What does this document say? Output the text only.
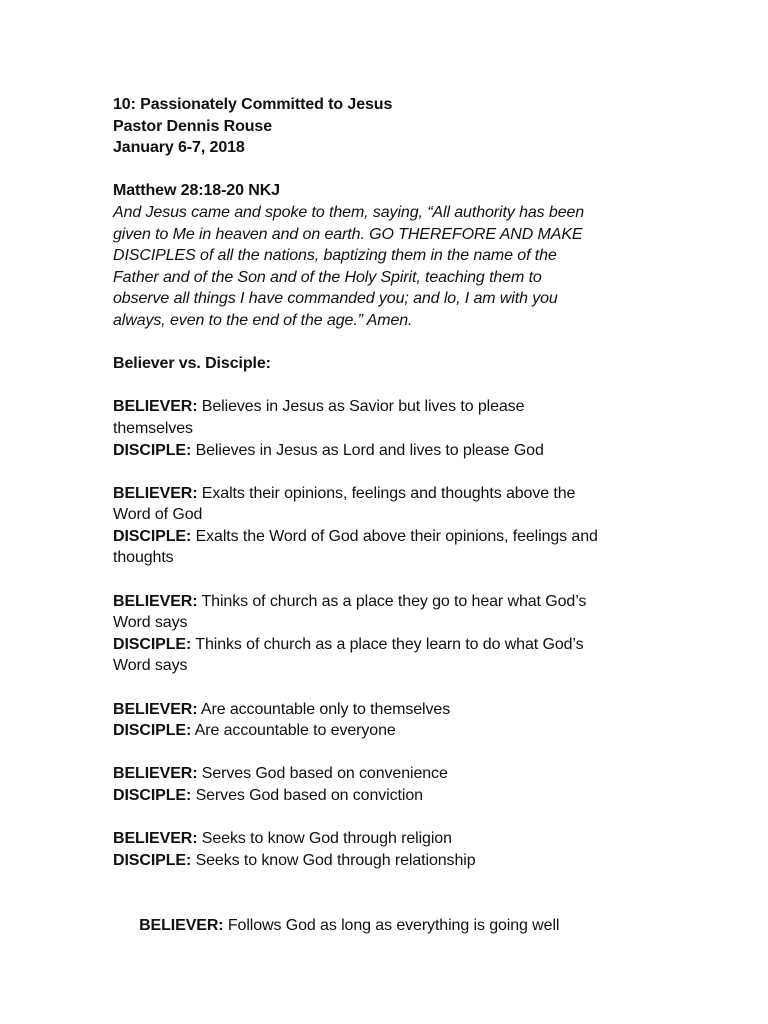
10: Passionately Committed to Jesus
Pastor Dennis Rouse
January 6-7, 2018
Matthew 28:18-20 NKJ
And Jesus came and spoke to them, saying, “All authority has been
given to Me in heaven and on earth. GO THEREFORE AND MAKE
DISCIPLES of all the nations, baptizing them in the name of the
Father and of the Son and of the Holy Spirit, teaching them to
observe all things I have commanded you; and lo, I am with you
always, even to the end of the age.” Amen.
Believer vs. Disciple:
BELIEVER: Believes in Jesus as Savior but lives to please
themselves
DISCIPLE: Believes in Jesus as Lord and lives to please God
BELIEVER: Exalts their opinions, feelings and thoughts above the
Word of God
DISCIPLE: Exalts the Word of God above their opinions, feelings and
thoughts
BELIEVER: Thinks of church as a place they go to hear what God’s
Word says
DISCIPLE: Thinks of church as a place they learn to do what God’s
Word says
BELIEVER: Are accountable only to themselves
DISCIPLE: Are accountable to everyone
BELIEVER: Serves God based on convenience
DISCIPLE: Serves God based on conviction
BELIEVER: Seeks to know God through religion
DISCIPLE: Seeks to know God through relationship

BELIEVER: Follows God as long as everything is going well
